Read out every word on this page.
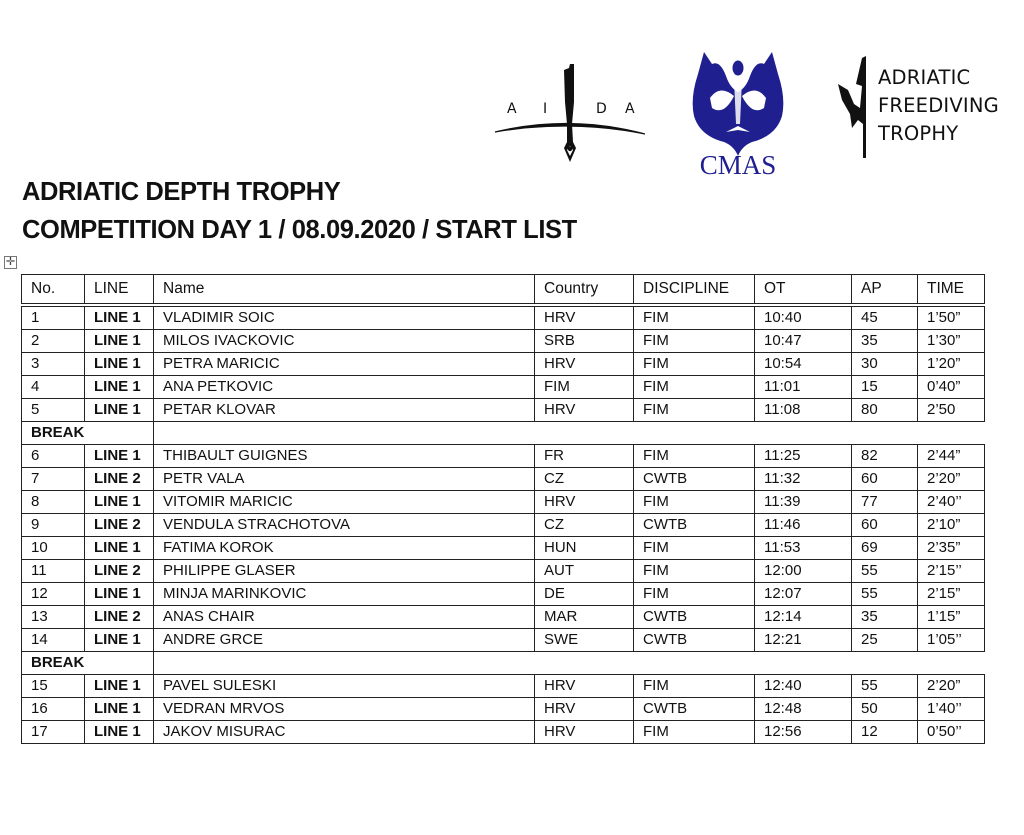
A I	D A
CMAS
ADRIATIC
FREEDIVING
TROPHY
ADRIATIC DEPTH TROPHY
COMPETITION DAY 1 / 08.09.2020 / START LIST
✛
No.	LINE	Name	Country	DISCIPLINE	OT	AP	TIME
1	LINE 1	VLADIMIR SOIC	HRV	FIM	10:40	45	1’50”
2	LINE 1	MILOS IVACKOVIC	SRB	FIM	10:47	35	1’30”
3	LINE 1	PETRA MARICIC	HRV	FIM	10:54	30	1’20”
4	LINE 1	ANA PETKOVIC	FIM	FIM	11:01	15	0’40”
5	LINE 1	PETAR KLOVAR	HRV	FIM	11:08	80	2’50
BREAK							
6	LINE 1	THIBAULT GUIGNES	FR	FIM	11:25	82	2’44”
7	LINE 2	PETR VALA	CZ	CWTB	11:32	60	2’20”
8	LINE 1	VITOMIR MARICIC	HRV	FIM	11:39	77	2’40’’
9	LINE 2	VENDULA STRACHOTOVA	CZ	CWTB	11:46	60	2’10”
10	LINE 1	FATIMA KOROK	HUN	FIM	11:53	69	2’35”
11	LINE 2	PHILIPPE GLASER	AUT	FIM	12:00	55	2’15’’
12	LINE 1	MINJA MARINKOVIC	DE	FIM	12:07	55	2’15”
13	LINE 2	ANAS CHAIR	MAR	CWTB	12:14	35	1’15”
14	LINE 1	ANDRE GRCE	SWE	CWTB	12:21	25	1’05’’
BREAK							
15	LINE 1	PAVEL SULESKI	HRV	FIM	12:40	55	2’20”
16	LINE 1	VEDRAN MRVOS	HRV	CWTB	12:48	50	1’40’’
17	LINE 1	JAKOV MISURAC	HRV	FIM	12:56	12	0’50’’
